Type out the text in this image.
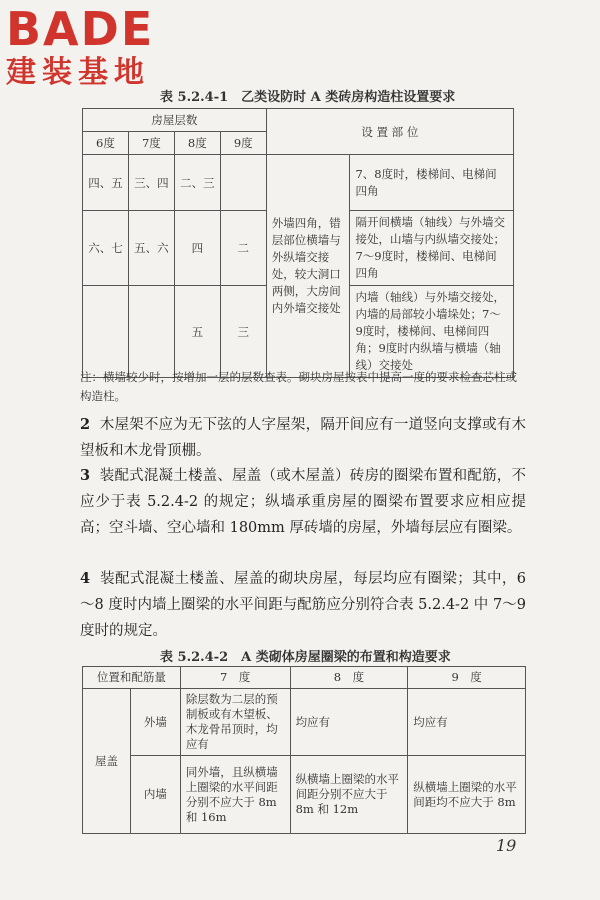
BADE
建装基地
表 5.2.4-1　乙类设防时 A 类砖房构造柱设置要求
房屋层数				设 置 部 位	
6度	7度	8度	9度		
四、五	三、四	二、三		外墙四角，错层部位横墙与外纵墙交接处，较大洞口两侧，大房间内外墙交接处	7、8度时，楼梯间、电梯间四角
六、七	五、六	四	二		隔开间横墙（轴线）与外墙交接处，山墙与内纵墙交接处；7～9度时，楼梯间、电梯间四角
		五	三		内墙（轴线）与外墙交接处，内墙的局部较小墙垛处；7～9度时，楼梯间、电梯间四角；9度时内纵墙与横墙（轴线）交接处
注：横墙较少时，按增加一层的层数查表。砌块房屋按表中提高一度的要求检查芯柱或构造柱。
2 木屋架不应为无下弦的人字屋架，隔开间应有一道竖向支撑或有木望板和木龙骨顶棚。
3 装配式混凝土楼盖、屋盖（或木屋盖）砖房的圈梁布置和配筋，不应少于表 5.2.4-2 的规定；纵墙承重房屋的圈梁布置要求应相应提高；空斗墙、空心墙和 180mm 厚砖墙的房屋，外墙每层应有圈梁。
4 装配式混凝土楼盖、屋盖的砌块房屋，每层均应有圈梁；其中，6～8 度时内墙上圈梁的水平间距与配筋应分别符合表 5.2.4-2 中 7～9 度时的规定。
表 5.2.4-2　A 类砌体房屋圈梁的布置和构造要求
位置和配筋量		7　度	8　度	9　度
屋盖	外墙	除层数为二层的预制板或有木望板、木龙骨吊顶时，均应有	均应有	均应有
	内墙	同外墙，且纵横墙上圈梁的水平间距分别不应大于 8m 和 16m	纵横墙上圈梁的水平间距分别不应大于 8m 和 12m	纵横墙上圈梁的水平间距均不应大于 8m
19
